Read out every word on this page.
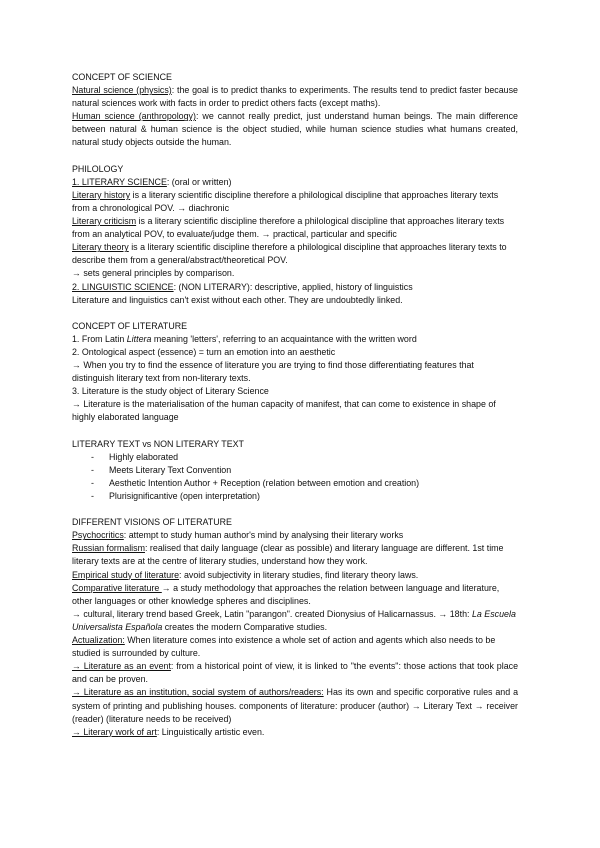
CONCEPT OF SCIENCE

Natural science (physics): the goal is to predict thanks to experiments. The results tend to predict faster because natural sciences work with facts in order to predict others facts (except maths).

Human science (anthropology): we cannot really predict, just understand human beings. The main difference between natural & human science is the object studied, while human science studies what humans created, natural study objects outside the human.

PHILOLOGY

1. LITERARY SCIENCE: (oral or written)

Literary history is a literary scientific discipline therefore a philological discipline that approaches literary texts from a chronological POV. → diachronic

Literary criticism is a literary scientific discipline therefore a philological discipline that approaches literary texts from an analytical POV, to evaluate/judge them. → practical, particular and specific

Literary theory is a literary scientific discipline therefore a philological discipline that approaches literary texts to describe them from a general/abstract/theoretical POV.

→ sets general principles by comparison.

2. LINGUISTIC SCIENCE: (NON LITERARY): descriptive, applied, history of linguistics

Literature and linguistics can't exist without each other. They are undoubtedly linked.

CONCEPT OF LITERATURE

1. From Latin Littera meaning 'letters', referring to an acquaintance with the written word

2. Ontological aspect (essence) = turn an emotion into an aesthetic

→ When you try to find the essence of literature you are trying to find those differentiating features that distinguish literary text from non-literary texts.

3. Literature is the study object of Literary Science

→ Literature is the materialisation of the human capacity of manifest, that can come to existence in shape of highly elaborated language

LITERARY TEXT vs NON LITERARY TEXT

- Highly elaborated
- Meets Literary Text Convention
- Aesthetic Intention Author + Reception (relation between emotion and creation)
- Plurisignificantive (open interpretation)

DIFFERENT VISIONS OF LITERATURE

Psychocritics: attempt to study human author's mind by analysing their literary works

Russian formalism: realised that daily language (clear as possible) and literary language are different. 1st time literary texts are at the centre of literary studies, understand how they work.

Empirical study of literature: avoid subjectivity in literary studies, find literary theory laws.

Comparative literature → a study methodology that approaches the relation between language and literature, other languages or other knowledge spheres and disciplines.

→ cultural, literary trend based Greek, Latin "parangon". created Dionysius of Halicarnassus. → 18th: La Escuela Universalista Española creates the modern Comparative studies.

Actualization: When literature comes into existence a whole set of action and agents which also needs to be studied is surrounded by culture.

→ Literature as an event: from a historical point of view, it is linked to "the events": those actions that took place and can be proven.

→ Literature as an institution, social system of authors/readers: Has its own and specific corporative rules and a system of printing and publishing houses. components of literature: producer (author) → Literary Text → receiver (reader) (literature needs to be received)

→ Literary work of art: Linguistically artistic even.
